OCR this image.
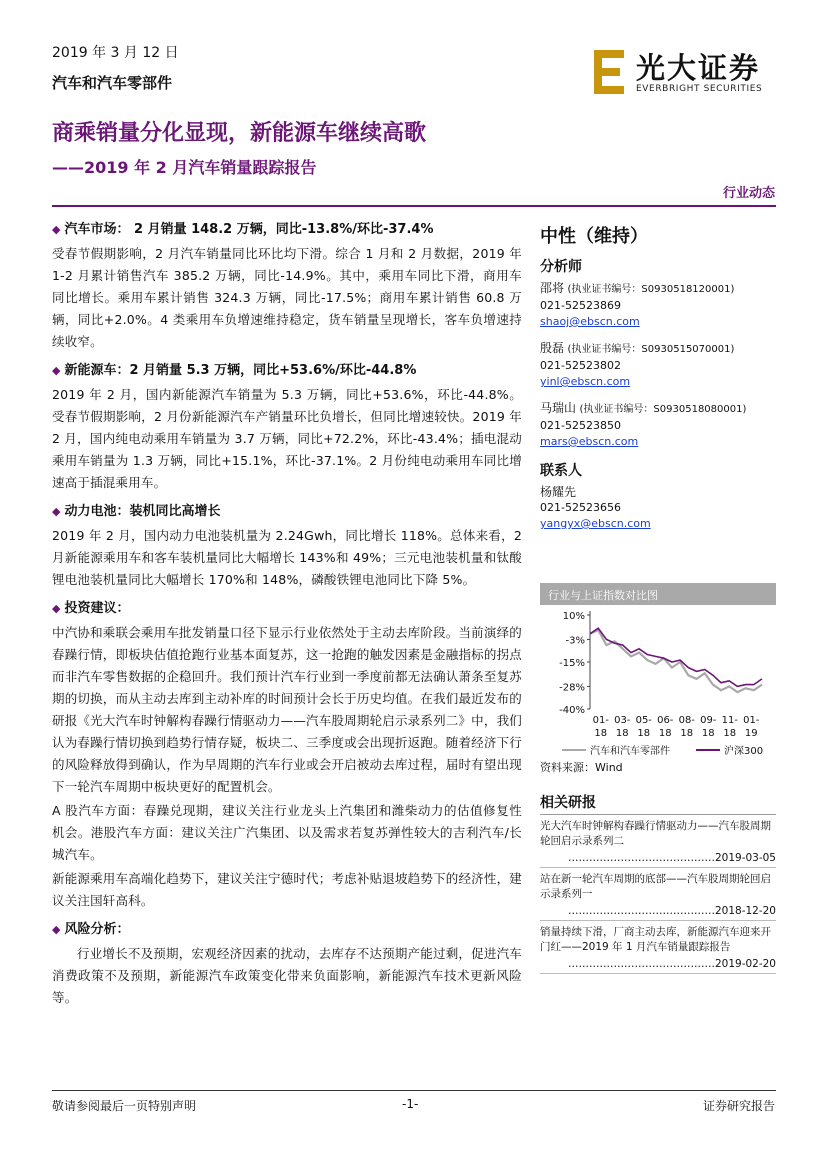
2019 年 3 月 12 日
汽车和汽车零部件	光大证券
EVERBRIGHT SECURITIES
商乘销量分化显现，新能源车继续高歌
——2019 年 2 月汽车销量跟踪报告
行业动态
◆ 汽车市场： 2 月销量 148.2 万辆，同比-13.8%/环比-37.4%

受春节假期影响，2 月汽车销量同比环比均下滑。综合 1 月和 2 月数据，2019 年 1-2 月累计销售汽车 385.2 万辆，同比-14.9%。其中，乘用车同比下滑，商用车同比增长。乘用车累计销售 324.3 万辆，同比-17.5%；商用车累计销售 60.8 万辆，同比+2.0%。4 类乘用车负增速维持稳定，货车销量呈现增长，客车负增速持续收窄。

◆ 新能源车：2 月销量 5.3 万辆，同比+53.6%/环比-44.8%

2019 年 2 月，国内新能源汽车销量为 5.3 万辆，同比+53.6%，环比-44.8%。受春节假期影响，2 月份新能源汽车产销量环比负增长，但同比增速较快。2019 年 2 月，国内纯电动乘用车销量为 3.7 万辆，同比+72.2%，环比-43.4%；插电混动乘用车销量为 1.3 万辆，同比+15.1%，环比-37.1%。2 月份纯电动乘用车同比增速高于插混乘用车。

◆ 动力电池：装机同比高增长

2019 年 2 月，国内动力电池装机量为 2.24Gwh，同比增长 118%。总体来看，2 月新能源乘用车和客车装机量同比大幅增长 143%和 49%；三元电池装机量和钛酸锂电池装机量同比大幅增长 170%和 148%，磷酸铁锂电池同比下降 5%。

◆ 投资建议：

中汽协和乘联会乘用车批发销量口径下显示行业依然处于主动去库阶段。当前演绎的春躁行情，即板块估值抢跑行业基本面复苏，这一抢跑的触发因素是金融指标的拐点而非汽车零售数据的企稳回升。我们预计汽车行业到一季度前都无法确认萧条至复苏期的切换，而从主动去库到主动补库的时间预计会长于历史均值。在我们最近发布的研报《光大汽车时钟解构春躁行情驱动力——汽车股周期轮启示录系列二》中，我们认为春躁行情切换到趋势行情存疑，板块二、三季度或会出现折返跑。随着经济下行的风险释放得到确认，作为早周期的汽车行业或会开启被动去库过程，届时有望出现下一轮汽车周期中板块更好的配置机会。

A 股汽车方面：春躁兑现期，建议关注行业龙头上汽集团和潍柴动力的估值修复性机会。港股汽车方面：建议关注广汽集团、以及需求若复苏弹性较大的吉利汽车/长城汽车。

新能源乘用车高端化趋势下，建议关注宁德时代；考虑补贴退坡趋势下的经济性，建议关注国轩高科。

◆ 风险分析：

行业增长不及预期，宏观经济因素的扰动，去库存不达预期产能过剩，促进汽车消费政策不及预期，新能源汽车政策变化带来负面影响，新能源汽车技术更新风险等。

中性（维持）
分析师
邵将 (执业证书编号：S0930518120001)
021-52523869
shaoj@ebscn.com
殷磊 (执业证书编号：S0930515070001)
021-52523802
yinl@ebscn.com
马瑞山 (执业证书编号：S0930518080001)
021-52523850
mars@ebscn.com
联系人
杨耀先
021-52523656
yangyx@ebscn.com
行业与上证指数对比图
10%
-3%
-15%
-28%
-40%
01-
18
03-
18
05-
18
06-
18
08-
18
09-
18
11-
18
01-
19
汽车和汽车零部件	沪深300
资料来源：Wind
相关研报
光大汽车时钟解构春躁行情驱动力——汽车股周期轮回启示录系列二
……………………………………2019-03-05
站在新一轮汽车周期的底部——汽车股周期轮回启示录系列一
……………………………………2018-12-20
销量持续下滑，厂商主动去库，新能源汽车迎来开门红——2019 年 1 月汽车销量跟踪报告
……………………………………2019-02-20
敬请参阅最后一页特别声明	-1-	证券研究报告
